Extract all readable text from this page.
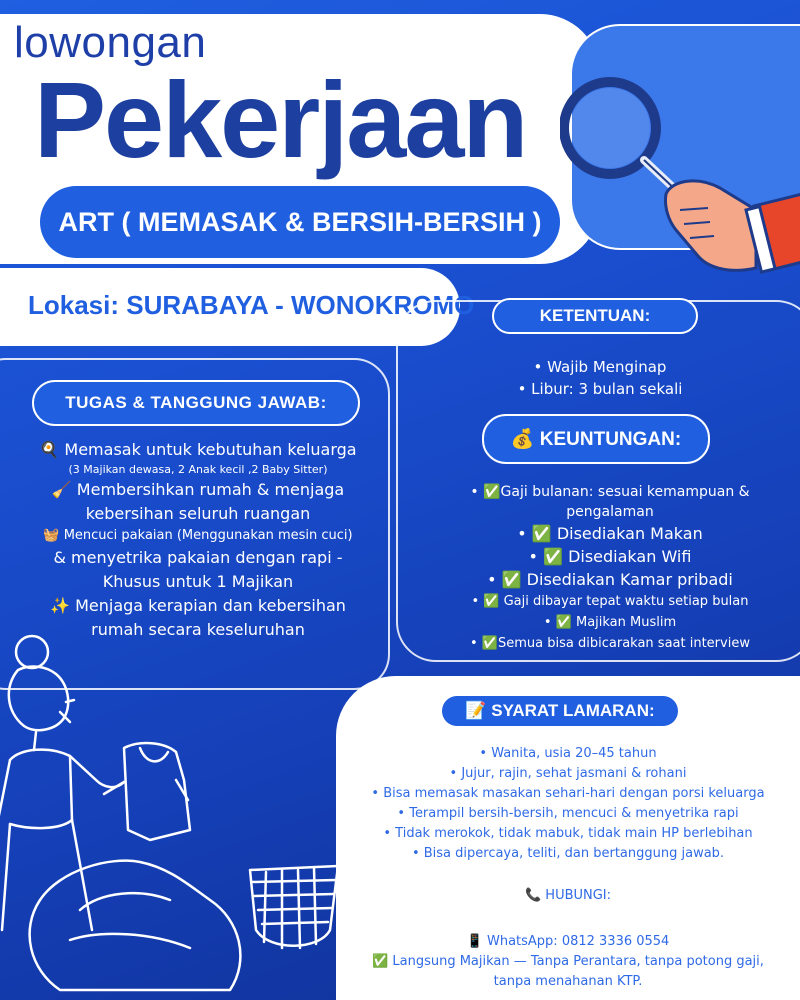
lowongan
Pekerjaan
ART ( MEMASAK & BERSIH-BERSIH )
Lokasi: SURABAYA - WONOKROMO
TUGAS & TANGGUNG JAWAB:
🍳 Memasak untuk kebutuhan keluarga
(3 Majikan dewasa, 2 Anak kecil ,2 Baby Sitter)
🧹 Membersihkan rumah & menjaga
kebersihan seluruh ruangan
🧺 Mencuci pakaian (Menggunakan mesin cuci)
& menyetrika pakaian dengan rapi -
Khusus untuk 1 Majikan
✨ Menjaga kerapian dan kebersihan
rumah secara keseluruhan
KETENTUAN:
• Wajib Menginap
• Libur: 3 bulan sekali
💰 KEUNTUNGAN:
• ✅Gaji bulanan: sesuai kemampuan &
pengalaman
• ✅ Disediakan Makan
• ✅ Disediakan Wifi
• ✅ Disediakan Kamar pribadi
• ✅ Gaji dibayar tepat waktu setiap bulan
• ✅ Majikan Muslim
• ✅Semua bisa dibicarakan saat interview
📝 SYARAT LAMARAN:
• Wanita, usia 20–45 tahun
• Jujur, rajin, sehat jasmani & rohani
• Bisa memasak masakan sehari-hari dengan porsi keluarga
• Terampil bersih-bersih, mencuci & menyetrika rapi
• Tidak merokok, tidak mabuk, tidak main HP berlebihan
• Bisa dipercaya, teliti, dan bertanggung jawab.
📞 HUBUNGI:
📱 WhatsApp: 0812 3336 0554
✅ Langsung Majikan — Tanpa Perantara, tanpa potong gaji,
tanpa menahanan KTP.
